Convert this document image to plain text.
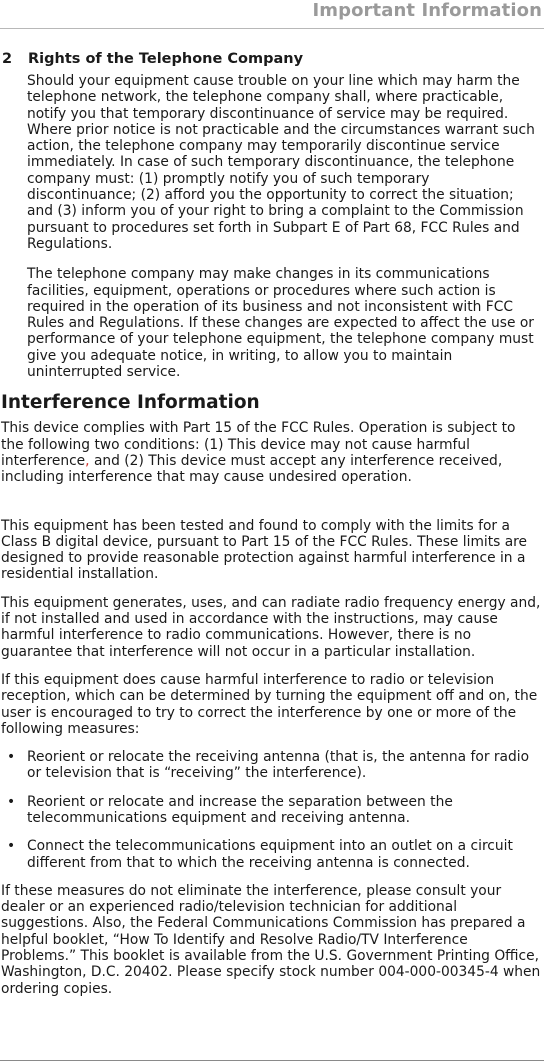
Important Information
2 Rights of the Telephone Company

Should your equipment cause trouble on your line which may harm the telephone network, the telephone company shall, where practicable, notify you that temporary discontinuance of service may be required. Where prior notice is not practicable and the circumstances warrant such action, the telephone company may temporarily discontinue service immediately. In case of such temporary discontinuance, the telephone company must: (1) promptly notify you of such temporary discontinuance; (2) afford you the opportunity to correct the situation; and (3) inform you of your right to bring a complaint to the Commission pursuant to procedures set forth in Subpart E of Part 68, FCC Rules and Regulations.

The telephone company may make changes in its communications facilities, equipment, operations or procedures where such action is required in the operation of its business and not inconsistent with FCC Rules and Regulations. If these changes are expected to affect the use or performance of your telephone equipment, the telephone company must give you adequate notice, in writing, to allow you to maintain uninterrupted service.

Interference Information

This device complies with Part 15 of the FCC Rules. Operation is subject to the following two conditions: (1) This device may not cause harmful interference, and (2) This device must accept any interference received, including interference that may cause undesired operation.

This equipment has been tested and found to comply with the limits for a Class B digital device, pursuant to Part 15 of the FCC Rules. These limits are designed to provide reasonable protection against harmful interference in a residential installation.

This equipment generates, uses, and can radiate radio frequency energy and, if not installed and used in accordance with the instructions, may cause harmful interference to radio communications. However, there is no guarantee that interference will not occur in a particular installation.

If this equipment does cause harmful interference to radio or television reception, which can be determined by turning the equipment off and on, the user is encouraged to try to correct the interference by one or more of the following measures:

• Reorient or relocate the receiving antenna (that is, the antenna for radio or television that is “receiving” the interference).
• Reorient or relocate and increase the separation between the telecommunications equipment and receiving antenna.
• Connect the telecommunications equipment into an outlet on a circuit different from that to which the receiving antenna is connected.

If these measures do not eliminate the interference, please consult your dealer or an experienced radio/television technician for additional suggestions. Also, the Federal Communications Commission has prepared a helpful booklet, “How To Identify and Resolve Radio/TV Interference Problems.” This booklet is available from the U.S. Government Printing Office, Washington, D.C. 20402. Please specify stock number 004-000-00345-4 when ordering copies.
